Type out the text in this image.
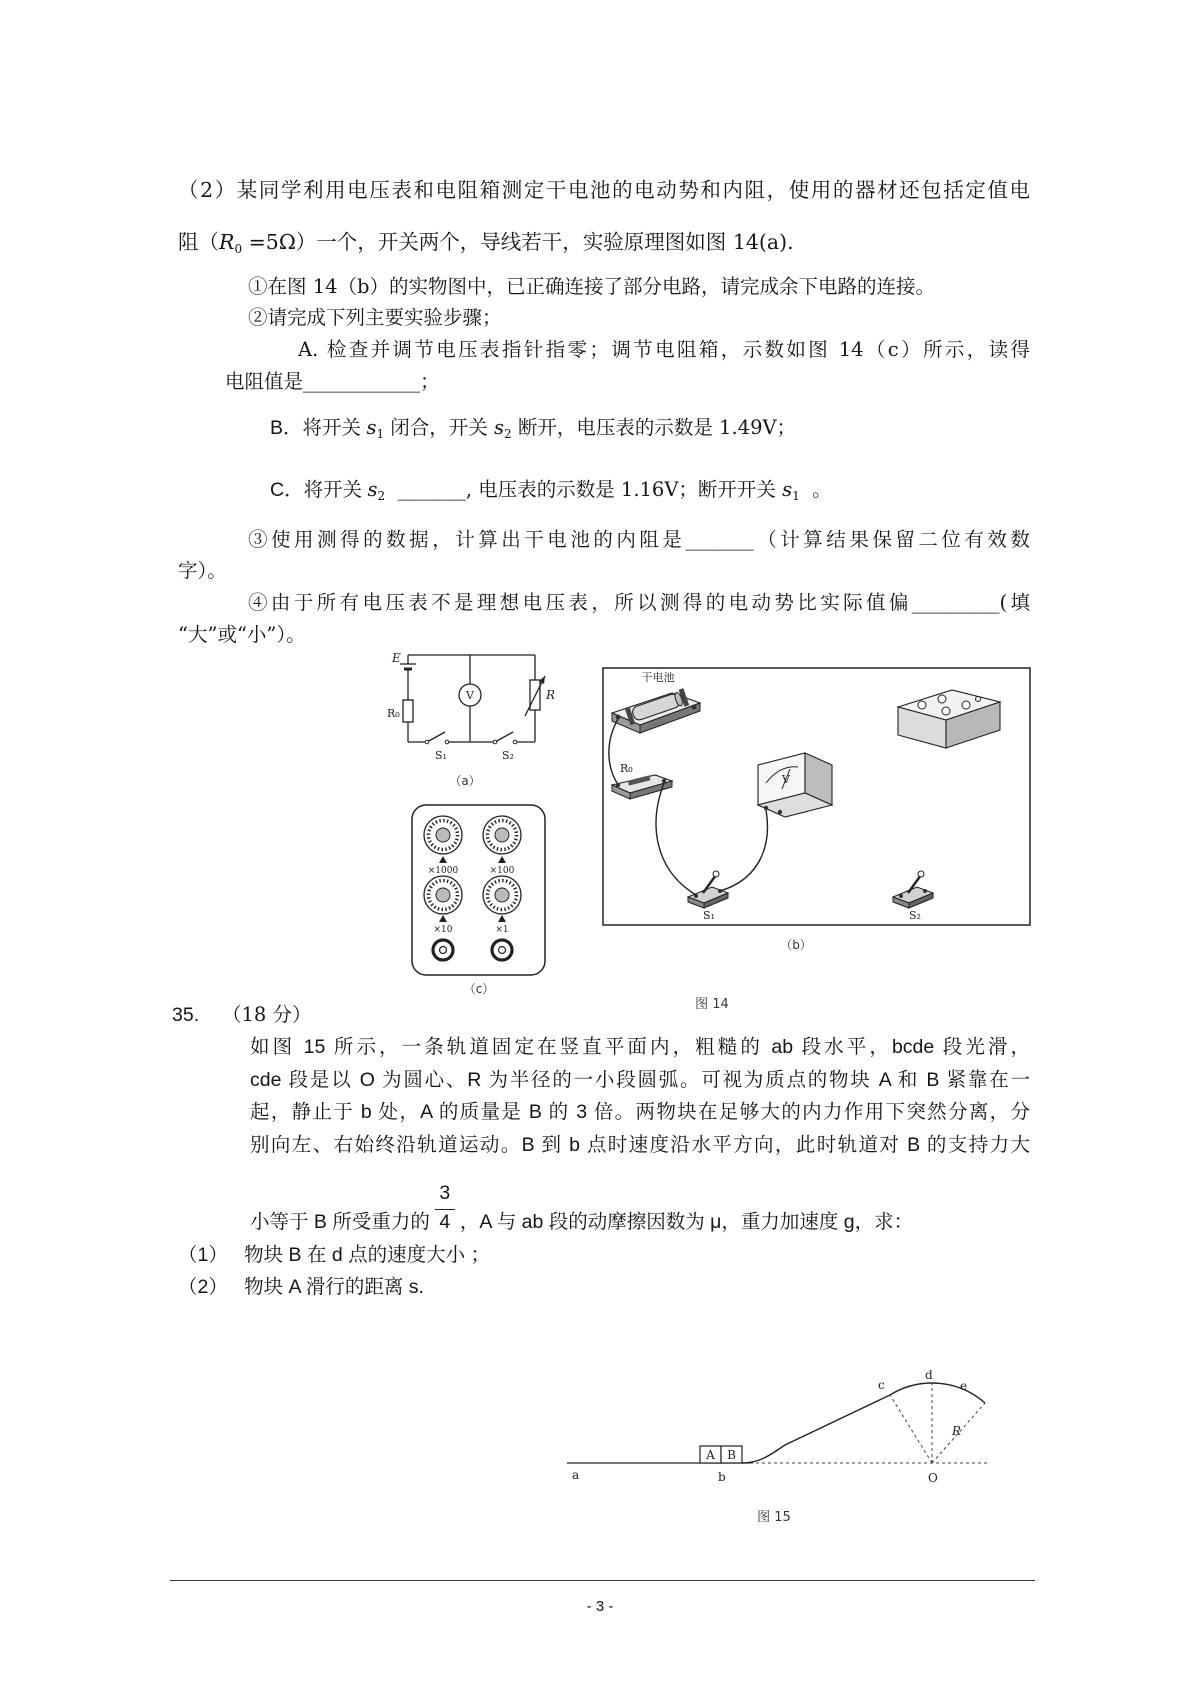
（2）某同学利用电压表和电阻箱测定干电池的电动势和内阻，使用的器材还包括定值电
阻（R0 =5Ω）一个，开关两个，导线若干，实验原理图如图 14(a).
①在图 14（b）的实物图中，已正确连接了部分电路，请完成余下电路的连接。
②请完成下列主要实验步骤；
A. 检查并调节电压表指针指零；调节电阻箱，示数如图 14（c）所示，读得
电阻值是____________；
B．将开关 $s_1$ 闭合，开关 $s_2$ 断开，电压表的示数是 1.49V；
C．将开关 $s_2$  _______, 电压表的示数是 1.16V；断开开关 $s_1$  。
③使用测得的数据，计算出干电池的内阻是_______（计算结果保留二位有效数
字）。
④由于所有电压表不是理想电压表，所以测得的电动势比实际值偏_________(填
“大”或“小”）。
E
R₀
V	R
S₁	S₂
（a）
干电池
R₀
V
S₁	S₂
（b）
×1000	×100
×10	×1
（c）
图 14
35. （18 分）
如图 15 所示，一条轨道固定在竖直平面内，粗糙的 ab 段水平，bcde 段光滑，
cde 段是以 O 为圆心、R 为半径的一小段圆弧。可视为质点的物块 A 和 B 紧靠在一
起，静止于 b 处，A 的质量是 B 的 3 倍。两物块在足够大的内力作用下突然分离，分
别向左、右始终沿轨道运动。B 到 b 点时速度沿水平方向，此时轨道对 B 的支持力大
小等于 B 所受重力的 $\frac{3}{4}$ ，A 与 ab 段的动摩擦因数为 μ，重力加速度 g，求：
（1）   物块 B 在 d 点的速度大小 ；
（2）   物块 A 滑行的距离 s.
A B
a	b
c
d
e
R
O
图 15
- 3 -
